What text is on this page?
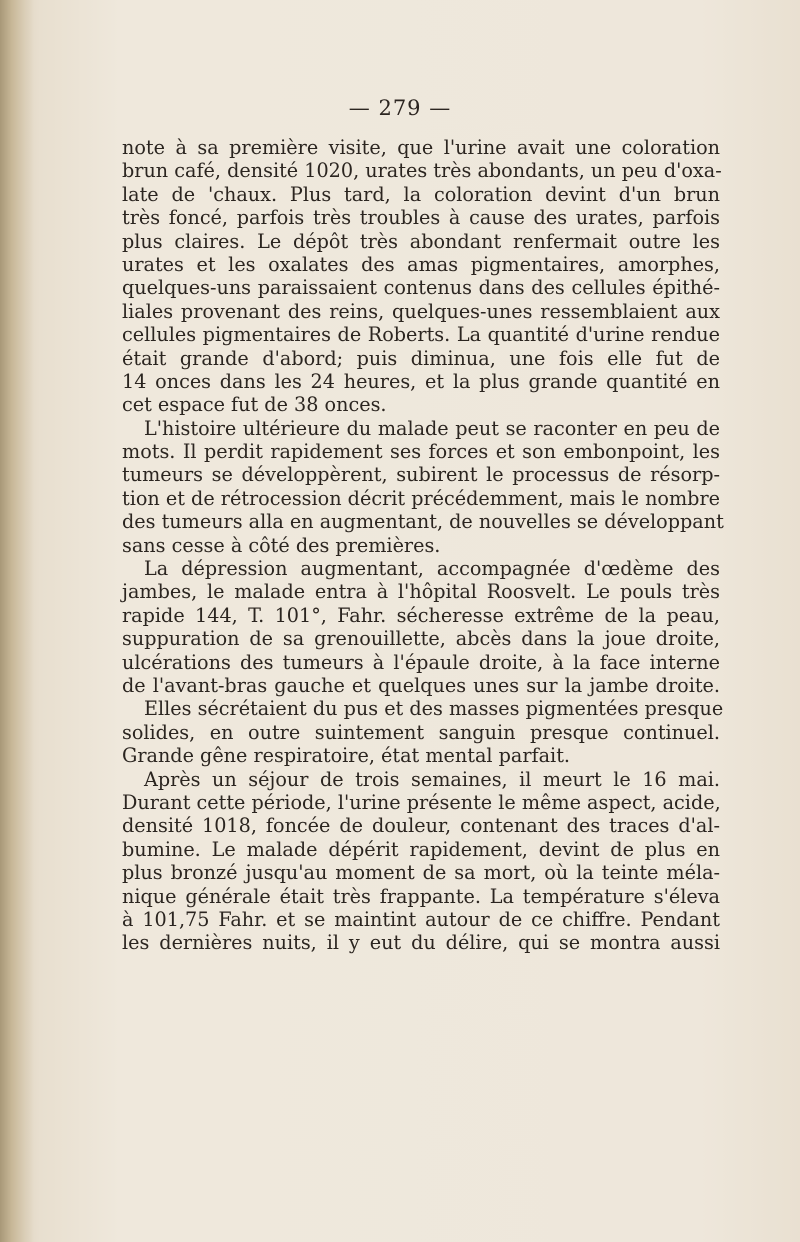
— 279 —
note à sa première visite, que l'urine avait une coloration
brun café, densité 1020, urates très abondants, un peu d'oxa-
late de 'chaux. Plus tard, la coloration devint d'un brun
très foncé, parfois très troubles à cause des urates, parfois
plus claires. Le dépôt très abondant renfermait outre les
urates et les oxalates des amas pigmentaires, amorphes,
quelques-uns paraissaient contenus dans des cellules épithé-
liales provenant des reins, quelques-unes ressemblaient aux
cellules pigmentaires de Roberts. La quantité d'urine rendue
était grande d'abord; puis diminua, une fois elle fut de
14 onces dans les 24 heures, et la plus grande quantité en
cet espace fut de 38 onces.
L'histoire ultérieure du malade peut se raconter en peu de
mots. Il perdit rapidement ses forces et son embonpoint, les
tumeurs se développèrent, subirent le processus de résorp-
tion et de rétrocession décrit précédemment, mais le nombre
des tumeurs alla en augmentant, de nouvelles se développant
sans cesse à côté des premières.
La dépression augmentant, accompagnée d'œdème des
jambes, le malade entra à l'hôpital Roosvelt. Le pouls très
rapide 144, T. 101°, Fahr. sécheresse extrême de la peau,
suppuration de sa grenouillette, abcès dans la joue droite,
ulcérations des tumeurs à l'épaule droite, à la face interne
de l'avant-bras gauche et quelques unes sur la jambe droite.
Elles sécrétaient du pus et des masses pigmentées presque
solides, en outre suintement sanguin presque continuel.
Grande gêne respiratoire, état mental parfait.
Après un séjour de trois semaines, il meurt le 16 mai.
Durant cette période, l'urine présente le même aspect, acide,
densité 1018, foncée de douleur, contenant des traces d'al-
bumine. Le malade dépérit rapidement, devint de plus en
plus bronzé jusqu'au moment de sa mort, où la teinte méla-
nique générale était très frappante. La température s'éleva
à 101,75 Fahr. et se maintint autour de ce chiffre. Pendant
les dernières nuits, il y eut du délire, qui se montra aussi
